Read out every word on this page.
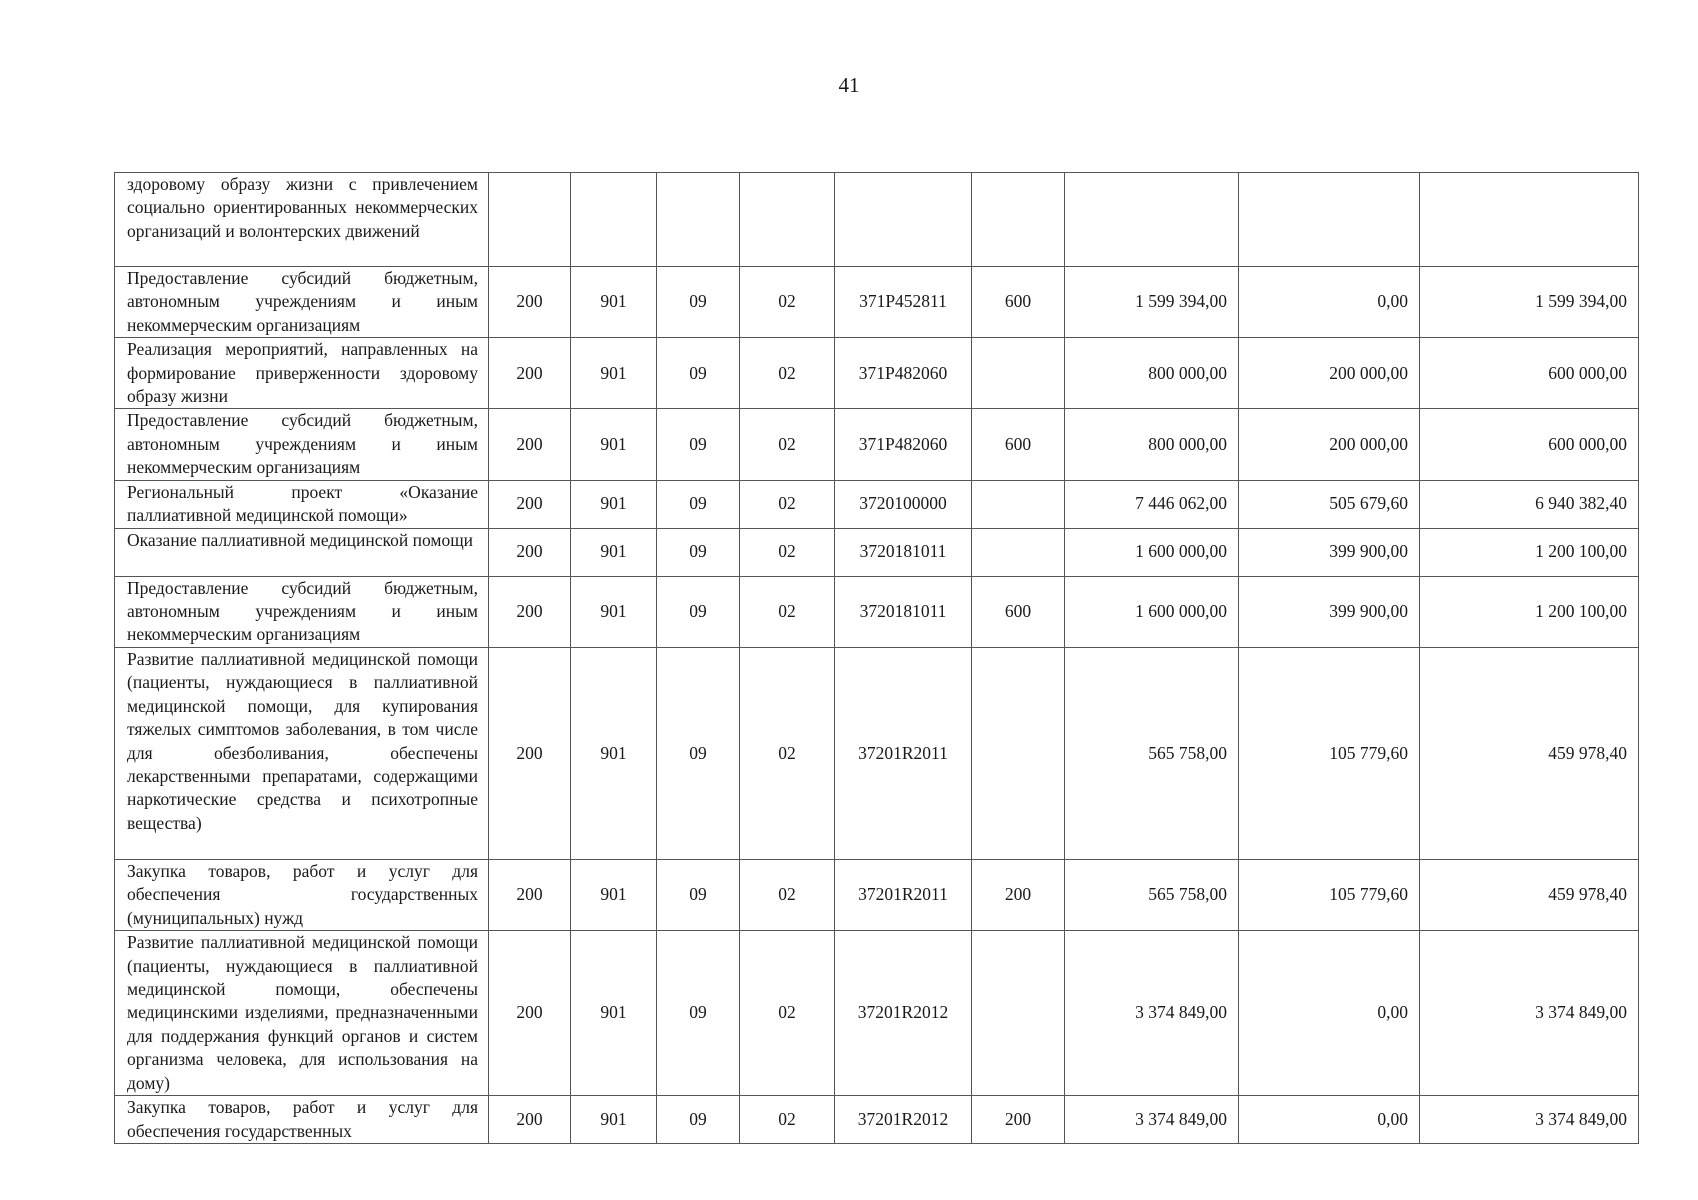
41
здоровому образу жизни с привлечением социально ориентированных некоммерческих организаций и волонтерских движений									
Предоставление субсидий бюджетным, автономным учреждениям и иным некоммерческим организациям	200	901	09	02	371P452811	600	1 599 394,00	0,00	1 599 394,00
Реализация мероприятий, направленных на формирование приверженности здоровому образу жизни	200	901	09	02	371P482060		800 000,00	200 000,00	600 000,00
Предоставление субсидий бюджетным, автономным учреждениям и иным некоммерческим организациям	200	901	09	02	371P482060	600	800 000,00	200 000,00	600 000,00
Региональный проект «Оказание паллиативной медицинской помощи»	200	901	09	02	3720100000		7 446 062,00	505 679,60	6 940 382,40
Оказание паллиативной медицинской помощи	200	901	09	02	3720181011		1 600 000,00	399 900,00	1 200 100,00
Предоставление субсидий бюджетным, автономным учреждениям и иным некоммерческим организациям	200	901	09	02	3720181011	600	1 600 000,00	399 900,00	1 200 100,00
Развитие паллиативной медицинской помощи (пациенты, нуждающиеся в паллиативной медицинской помощи, для купирования тяжелых симптомов заболевания, в том числе для обезболивания, обеспечены лекарственными препаратами, содержащими наркотические средства и психотропные вещества)	200	901	09	02	37201R2011		565 758,00	105 779,60	459 978,40
Закупка товаров, работ и услуг для обеспечения государственных (муниципальных) нужд	200	901	09	02	37201R2011	200	565 758,00	105 779,60	459 978,40
Развитие паллиативной медицинской помощи (пациенты, нуждающиеся в паллиативной медицинской помощи, обеспечены медицинскими изделиями, предназначенными для поддержания функций органов и систем организма человека, для использования на дому)	200	901	09	02	37201R2012		3 374 849,00	0,00	3 374 849,00
Закупка товаров, работ и услуг для обеспечения государственных	200	901	09	02	37201R2012	200	3 374 849,00	0,00	3 374 849,00
